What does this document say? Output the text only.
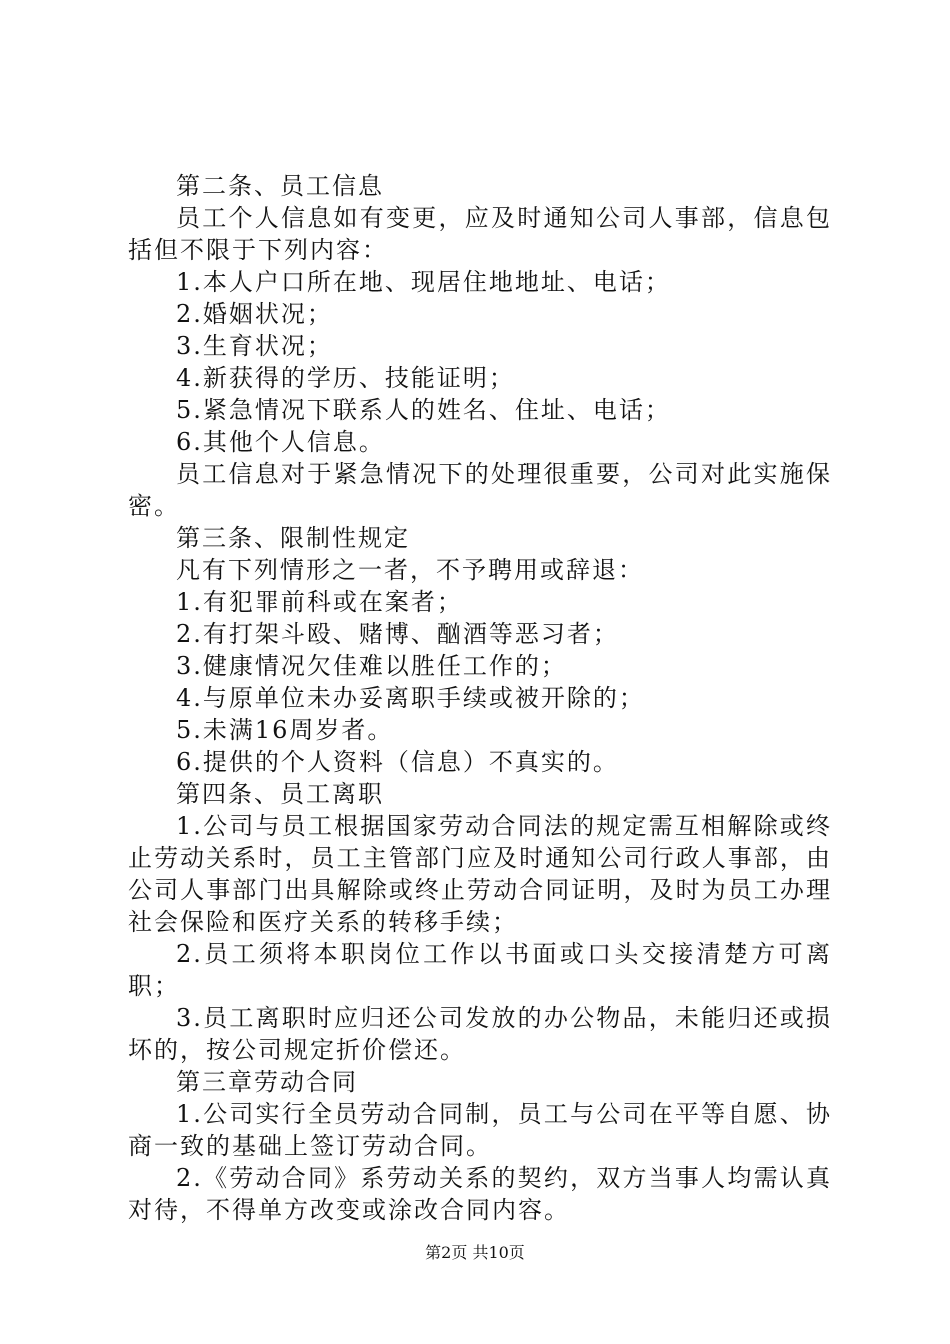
第二条、员工信息

员工个人信息如有变更，应及时通知公司人事部，信息包括但不限于下列内容：

1.本人户口所在地、现居住地地址、电话；

2.婚姻状况；

3.生育状况；

4.新获得的学历、技能证明；

5.紧急情况下联系人的姓名、住址、电话；

6.其他个人信息。

员工信息对于紧急情况下的处理很重要，公司对此实施保密。

第三条、限制性规定

凡有下列情形之一者，不予聘用或辞退：

1.有犯罪前科或在案者；

2.有打架斗殴、赌博、酗酒等恶习者；

3.健康情况欠佳难以胜任工作的；

4.与原单位未办妥离职手续或被开除的；

5.未满16周岁者。

6.提供的个人资料（信息）不真实的。

第四条、员工离职

1.公司与员工根据国家劳动合同法的规定需互相解除或终止劳动关系时，员工主管部门应及时通知公司行政人事部，由公司人事部门出具解除或终止劳动合同证明，及时为员工办理社会保险和医疗关系的转移手续；

2.员工须将本职岗位工作以书面或口头交接清楚方可离职；

3.员工离职时应归还公司发放的办公物品，未能归还或损坏的，按公司规定折价偿还。

第三章劳动合同

1.公司实行全员劳动合同制，员工与公司在平等自愿、协商一致的基础上签订劳动合同。

2.《劳动合同》系劳动关系的契约，双方当事人均需认真对待，不得单方改变或涂改合同内容。

第2页 共10页
